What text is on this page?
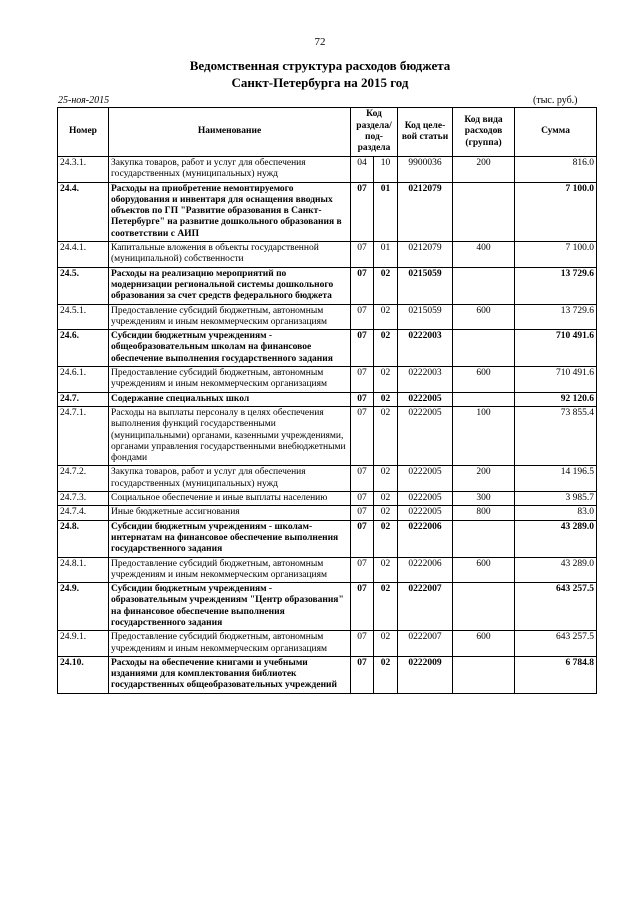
72
Ведомственная структура расходов бюджета
Санкт-Петербурга на 2015 год
25-ноя-2015	(тыс. руб.)
Номер	Наименование	Код раздела/ под-раздела		Код целе-вой статьи	Код вида расходов (группа)	Сумма
24.3.1.	Закупка товаров, работ и услуг для обеспечения государственных (муниципальных) нужд	04	10	9900036	200	816.0
24.4.	Расходы на приобретение немонтируемого оборудования и инвентаря для оснащения вводных объектов по ГП "Развитие образования в Санкт-Петербурге" на развитие дошкольного образования в соответствии с АИП	07	01	0212079		7 100.0
24.4.1.	Капитальные вложения в объекты государственной (муниципальной) собственности	07	01	0212079	400	7 100.0
24.5.	Расходы на реализацию мероприятий по модернизации региональной системы дошкольного образования за счет средств федерального бюджета	07	02	0215059		13 729.6
24.5.1.	Предоставление субсидий бюджетным, автономным учреждениям и иным некоммерческим организациям	07	02	0215059	600	13 729.6
24.6.	Субсидии бюджетным учреждениям - общеобразовательным школам на финансовое обеспечение выполнения государственного задания	07	02	0222003		710 491.6
24.6.1.	Предоставление субсидий бюджетным, автономным учреждениям и иным некоммерческим организациям	07	02	0222003	600	710 491.6
24.7.	Содержание специальных школ	07	02	0222005		92 120.6
24.7.1.	Расходы на выплаты персоналу в целях обеспечения выполнения функций государственными (муниципальными) органами, казенными учреждениями, органами управления государственными внебюджетными фондами	07	02	0222005	100	73 855.4
24.7.2.	Закупка товаров, работ и услуг для обеспечения государственных (муниципальных) нужд	07	02	0222005	200	14 196.5
24.7.3.	Социальное обеспечение и иные выплаты населению	07	02	0222005	300	3 985.7
24.7.4.	Иные бюджетные ассигнования	07	02	0222005	800	83.0
24.8.	Субсидии бюджетным учреждениям - школам-интернатам на финансовое обеспечение выполнения государственного задания	07	02	0222006		43 289.0
24.8.1.	Предоставление субсидий бюджетным, автономным учреждениям и иным некоммерческим организациям	07	02	0222006	600	43 289.0
24.9.	Субсидии бюджетным учреждениям - образовательным учреждениям "Центр образования" на финансовое обеспечение выполнения государственного задания	07	02	0222007		643 257.5
24.9.1.	Предоставление субсидий бюджетным, автономным учреждениям и иным некоммерческим организациям	07	02	0222007	600	643 257.5
24.10.	Расходы на обеспечение книгами и учебными изданиями для комплектования библиотек государственных общеобразовательных учреждений	07	02	0222009		6 784.8
